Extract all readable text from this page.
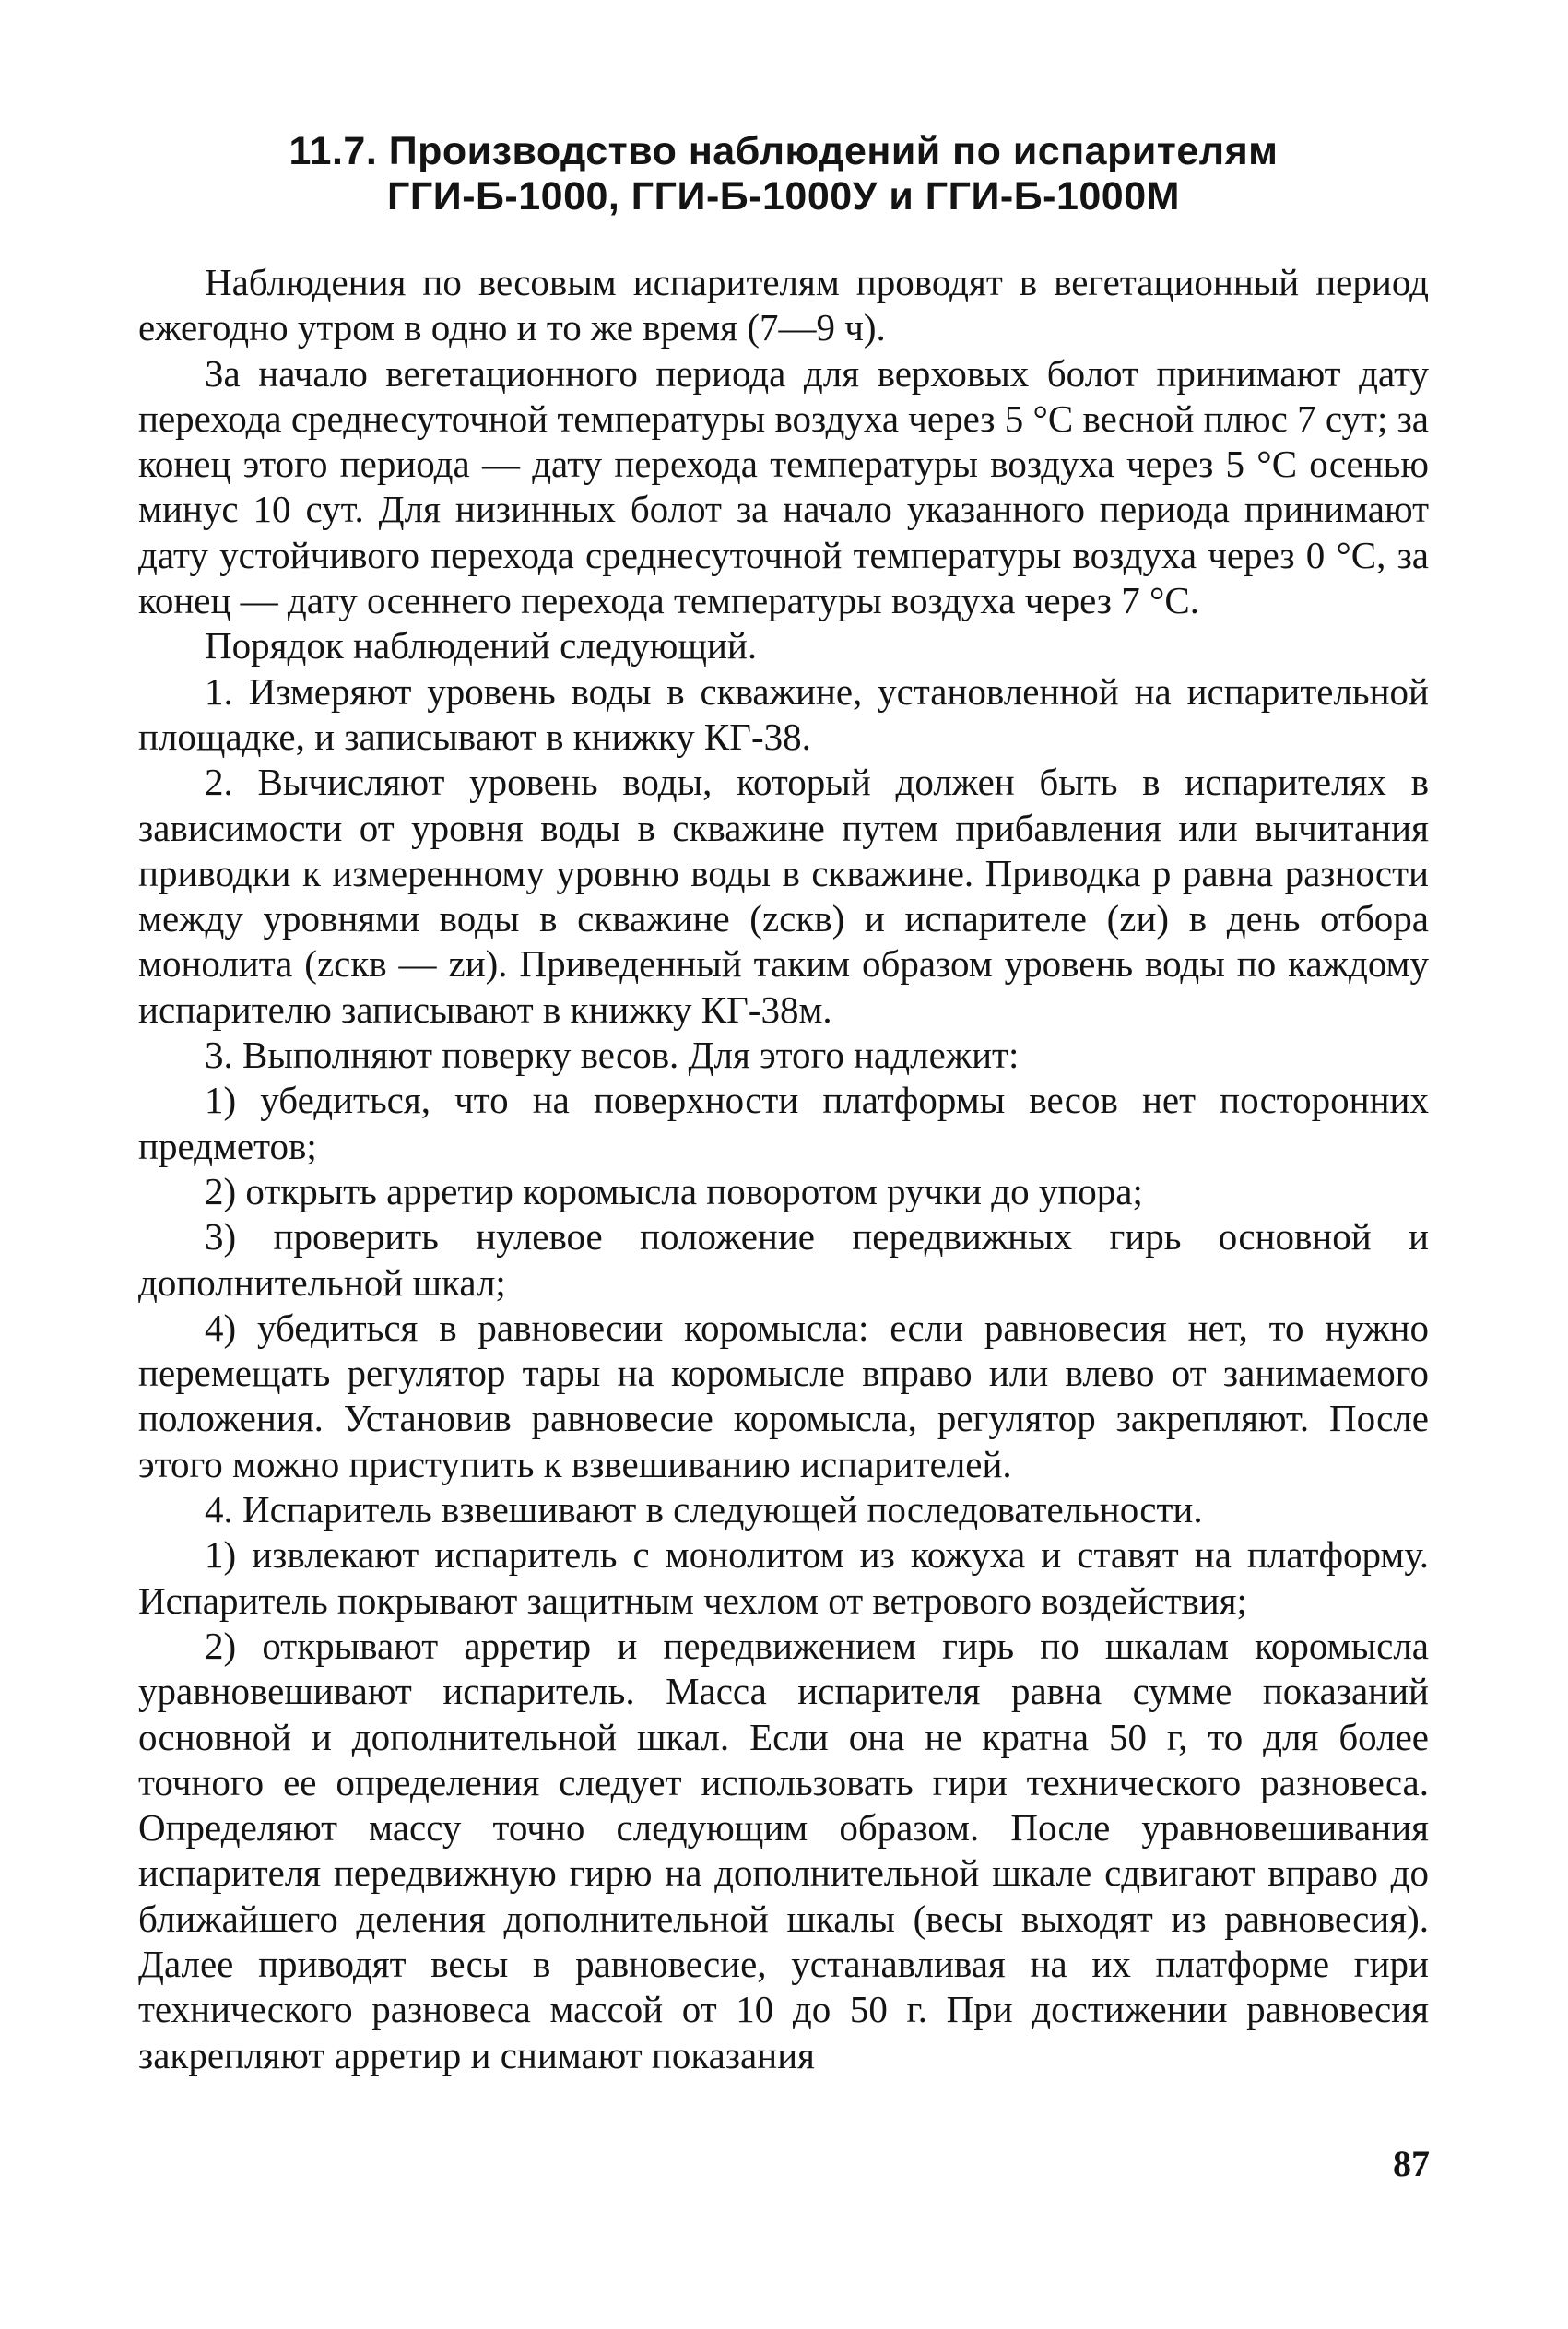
11.7. Производство наблюдений по испарителям
ГГИ-Б-1000, ГГИ-Б-1000У и ГГИ-Б-1000М

Наблюдения по весовым испарителям проводят в вегетационный период ежегодно утром в одно и то же время (7—9 ч).

За начало вегетационного периода для верховых болот принимают дату перехода среднесуточной температуры воздуха через 5 °С весной плюс 7 сут; за конец этого периода — дату перехода температуры воздуха через 5 °С осенью минус 10 сут. Для низинных болот за начало указанного периода принимают дату устойчивого перехода среднесуточной температуры воздуха через 0 °С, за конец — дату осеннего перехода температуры воздуха через 7 °С.

Порядок наблюдений следующий.

1. Измеряют уровень воды в скважине, установленной на испарительной площадке, и записывают в книжку КГ-38.

2. Вычисляют уровень воды, который должен быть в испарителях в зависимости от уровня воды в скважине путем прибавления или вычитания приводки к измеренному уровню воды в скважине. Приводка p равна разности между уровнями воды в скважине (zскв) и испарителе (zи) в день отбора монолита (zскв — zи). Приведенный таким образом уровень воды по каждому испарителю записывают в книжку КГ-38м.

3. Выполняют поверку весов. Для этого надлежит:

1) убедиться, что на поверхности платформы весов нет посторонних предметов;

2) открыть арретир коромысла поворотом ручки до упора;

3) проверить нулевое положение передвижных гирь основной и дополнительной шкал;

4) убедиться в равновесии коромысла: если равновесия нет, то нужно перемещать регулятор тары на коромысле вправо или влево от занимаемого положения. Установив равновесие коромысла, регулятор закрепляют. После этого можно приступить к взвешиванию испарителей.

4. Испаритель взвешивают в следующей последовательности.

1) извлекают испаритель с монолитом из кожуха и ставят на платформу. Испаритель покрывают защитным чехлом от ветрового воздействия;

2) открывают арретир и передвижением гирь по шкалам коромысла уравновешивают испаритель. Масса испарителя равна сумме показаний основной и дополнительной шкал. Если она не кратна 50 г, то для более точного ее определения следует использовать гири технического разновеса. Определяют массу точно следующим образом. После уравновешивания испарителя передвижную гирю на дополнительной шкале сдвигают вправо до ближайшего деления дополнительной шкалы (весы выходят из равновесия). Далее приводят весы в равновесие, устанавливая на их платформе гири технического разновеса массой от 10 до 50 г. При достижении равновесия закрепляют арретир и снимают показания

87
